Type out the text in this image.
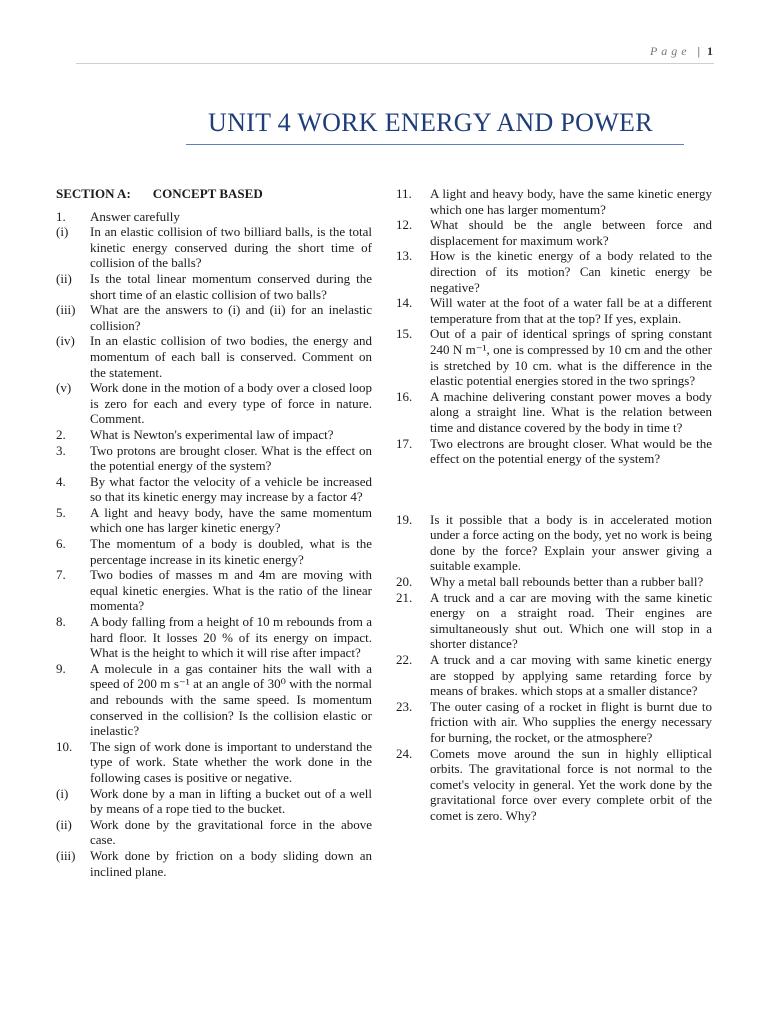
Page | 1
UNIT 4 WORK ENERGY AND POWER
SECTION A: CONCEPT BASED
1.	Answer carefully
(i)	In an elastic collision of two billiard balls, is the total kinetic energy conserved during the short time of collision of the balls?
(ii)	Is the total linear momentum conserved during the short time of an elastic collision of two balls?
(iii)	What are the answers to (i) and (ii) for an inelastic collision?
(iv)	In an elastic collision of two bodies, the energy and momentum of each ball is conserved. Comment on the statement.
(v)	Work done in the motion of a body over a closed loop is zero for each and every type of force in nature. Comment.
2.	What is Newton's experimental law of impact?
3.	Two protons are brought closer. What is the effect on the potential energy of the system?
4.	By what factor the velocity of a vehicle be increased so that its kinetic energy may increase by a factor 4?
5.	A light and heavy body, have the same momentum which one has larger kinetic energy?
6.	The momentum of a body is doubled, what is the percentage increase in its kinetic energy?
7.	Two bodies of masses m and 4m are moving with equal kinetic energies. What is the ratio of the linear momenta?
8.	A body falling from a height of 10 m rebounds from a hard floor. It losses 20 % of its energy on impact. What is the height to which it will rise after impact?
9.	A molecule in a gas container hits the wall with a speed of 200 m s⁻¹ at an angle of 30⁰ with the normal and rebounds with the same speed. Is momentum conserved in the collision? Is the collision elastic or inelastic?
10.	The sign of work done is important to understand the type of work. State whether the work done in the following cases is positive or negative.
(i)	Work done by a man in lifting a bucket out of a well by means of a rope tied to the bucket.
(ii)	Work done by the gravitational force in the above case.
(iii)	Work done by friction on a body sliding down an inclined plane.
11.	A light and heavy body, have the same kinetic energy which one has larger momentum?
12.	What should be the angle between force and displacement for maximum work?
13.	How is the kinetic energy of a body related to the direction of its motion? Can kinetic energy be negative?
14.	Will water at the foot of a water fall be at a different temperature from that at the top? If yes, explain.
15.	Out of a pair of identical springs of spring constant 240 N m⁻¹, one is compressed by 10 cm and the other is stretched by 10 cm. what is the difference in the elastic potential energies stored in the two springs?
16.	A machine delivering constant power moves a body along a straight line. What is the relation between time and distance covered by the body in time t?
17.	Two electrons are brought closer. What would be the effect on the potential energy of the system?
19.	Is it possible that a body is in accelerated motion under a force acting on the body, yet no work is being done by the force? Explain your answer giving a suitable example.
20.	Why a metal ball rebounds better than a rubber ball?
21.	A truck and a car are moving with the same kinetic energy on a straight road. Their engines are simultaneously shut out. Which one will stop in a shorter distance?
22.	A truck and a car moving with same kinetic energy are stopped by applying same retarding force by means of brakes. which stops at a smaller distance?
23.	The outer casing of a rocket in flight is burnt due to friction with air. Who supplies the energy necessary for burning, the rocket, or the atmosphere?
24.	Comets move around the sun in highly elliptical orbits. The gravitational force is not normal to the comet's velocity in general. Yet the work done by the gravitational force over every complete orbit of the comet is zero. Why?
